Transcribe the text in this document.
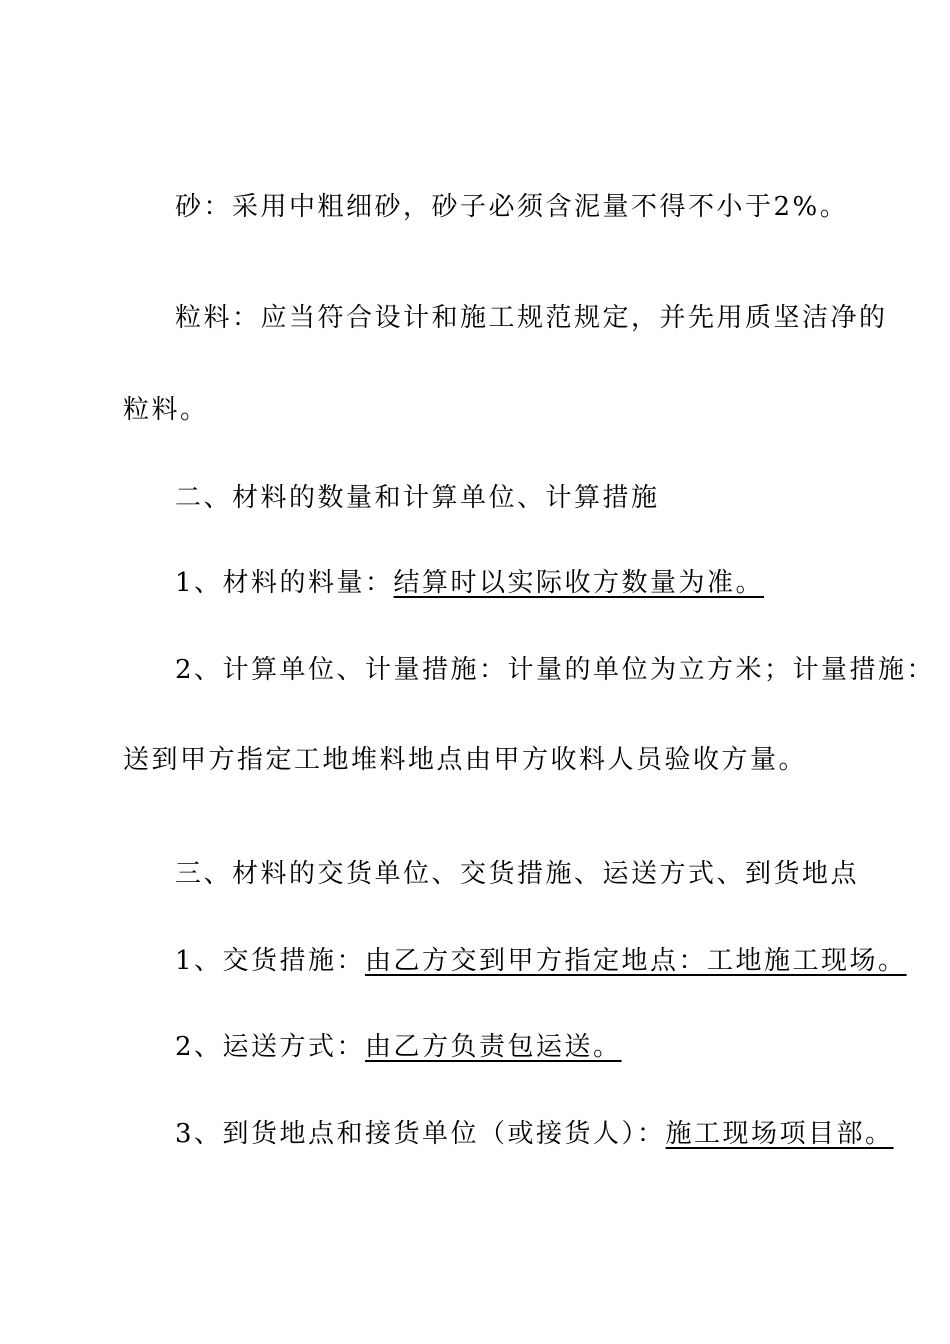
砂：采用中粗细砂，砂子必须含泥量不得不小于2%。
粒料：应当符合设计和施工规范规定，并先用质坚洁净的
粒料。
二、材料的数量和计算单位、计算措施
1、材料的料量：结算时以实际收方数量为准。
2、计算单位、计量措施：计量的单位为立方米；计量措施：
送到甲方指定工地堆料地点由甲方收料人员验收方量。
三、材料的交货单位、交货措施、运送方式、到货地点
1、交货措施：由乙方交到甲方指定地点：工地施工现场。
2、运送方式：由乙方负责包运送。
3、到货地点和接货单位（或接货人）：施工现场项目部。
